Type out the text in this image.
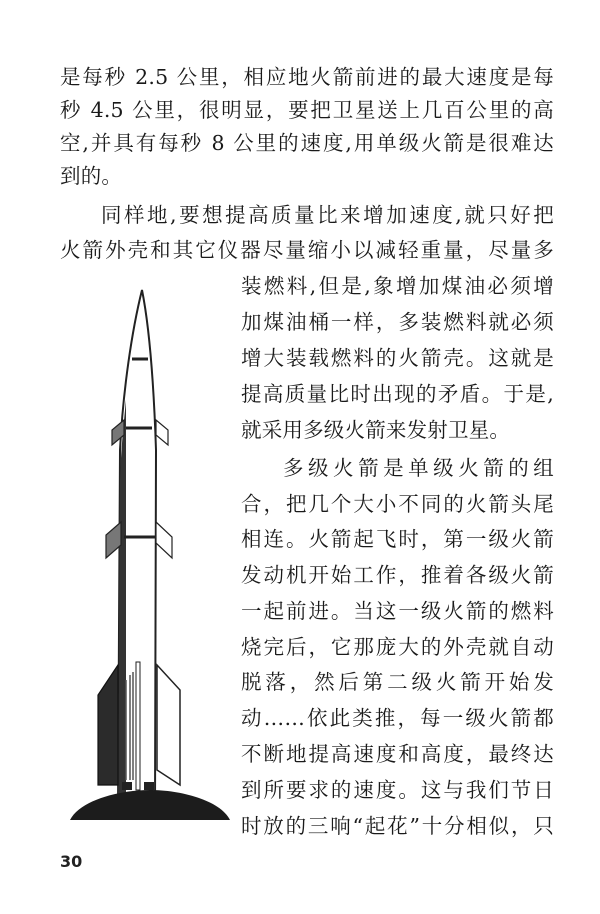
是每秒 2.5 公里，相应地火箭前进的最大速度是每
秒 4.5 公里，很明显，要把卫星送上几百公里的高
空,并具有每秒 8 公里的速度,用单级火箭是很难达
到的。
同样地,要想提高质量比来增加速度,就只好把
火箭外壳和其它仪器尽量缩小以减轻重量，尽量多
装燃料,但是,象增加煤油必须增
加煤油桶一样，多装燃料就必须
增大装载燃料的火箭壳。这就是
提高质量比时出现的矛盾。于是,
就采用多级火箭来发射卫星。
多级火箭是单级火箭的组
合，把几个大小不同的火箭头尾
相连。火箭起飞时，第一级火箭
发动机开始工作，推着各级火箭
一起前进。当这一级火箭的燃料
烧完后，它那庞大的外壳就自动
脱落，然后第二级火箭开始发
动……依此类推，每一级火箭都
不断地提高速度和高度，最终达
到所要求的速度。这与我们节日
时放的三响“起花”十分相似，只
30
